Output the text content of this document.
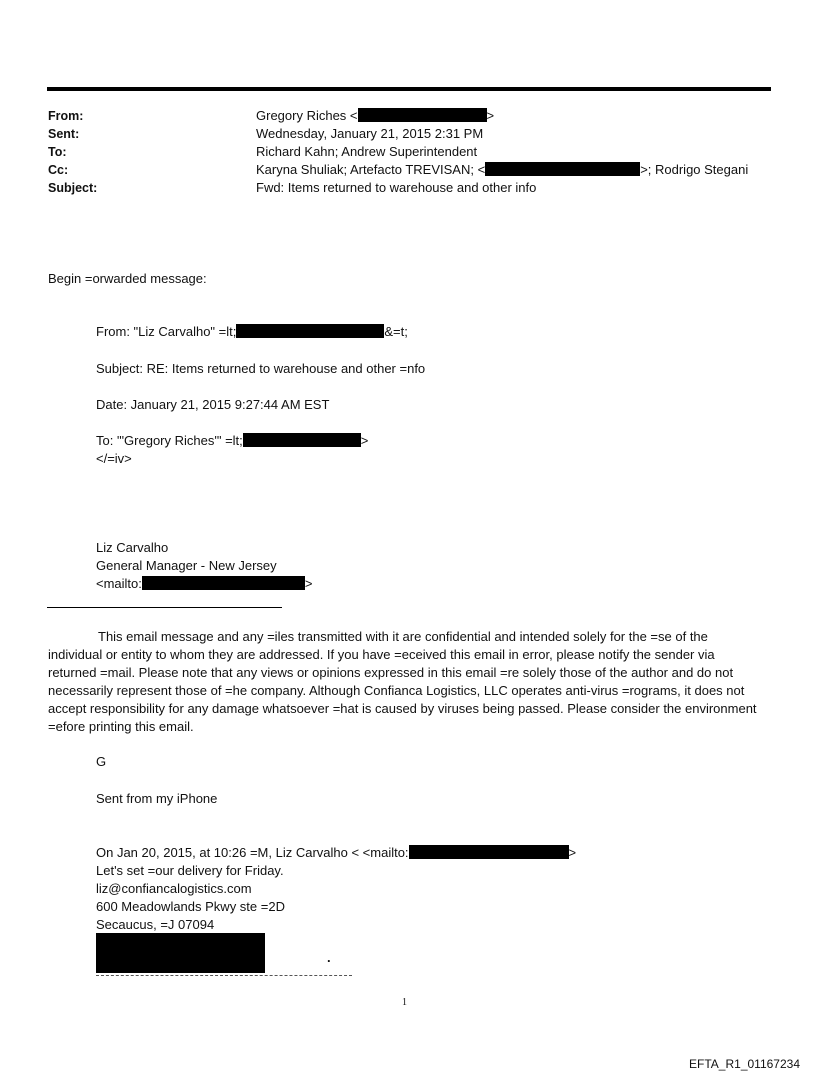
From:	Gregory Riches <	>
Sent:	Wednesday, January 21, 2015 2:31 PM
To:	Richard Kahn; Andrew Superintendent
Cc:	Karyna Shuliak; Artefacto TREVISAN; <	>; Rodrigo Stegani
Subject:	Fwd: Items returned to warehouse and other info
Begin =orwarded message:
From: "Liz Carvalho" =lt;	&=t;
Subject: RE: Items returned to warehouse and other =nfo
Date: January 21, 2015 9:27:44 AM EST
To: "'Gregory Riches'" =lt;	>
</=iv>
Liz Carvalho
General Manager - New Jersey
<mailto:	>
This email message and any =iles transmitted with it are confidential and intended solely for the =se of the individual or entity to whom they are addressed. If you have =eceived this email in error, please notify the sender via returned =mail. Please note that any views or opinions expressed in this email =re solely those of the author and do not necessarily represent those of =he company. Although Confianca Logistics, LLC operates anti-virus =rograms, it does not accept responsibility for any damage whatsoever =hat is caused by viruses being passed. Please consider the environment =efore printing this email.
G
Sent from my iPhone
On Jan 20, 2015, at 10:26 =M, Liz Carvalho < <mailto:	>
Let's set =our delivery for Friday.
liz@confiancalogistics.com
600 Meadowlands Pkwy ste =2D
Secaucus, =J 07094
.
1
EFTA_R1_01167234
